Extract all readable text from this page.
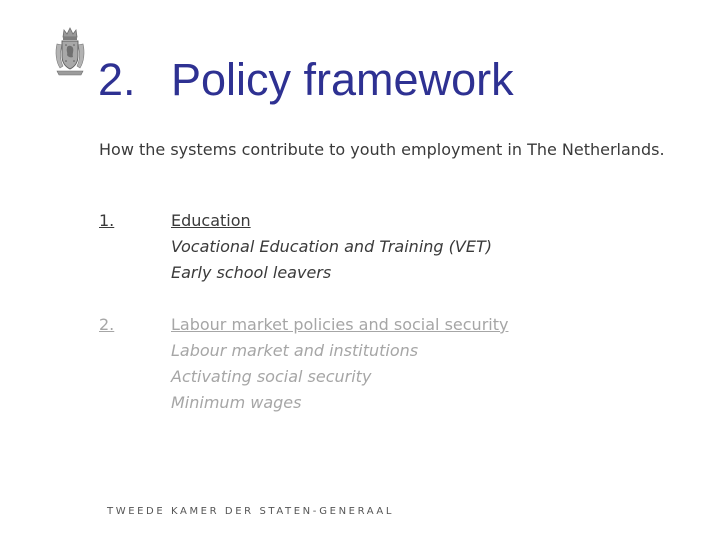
2. Policy framework

How the systems contribute to youth employment in The Netherlands.

1.	Education
Vocational Education and Training (VET)
Early school leavers
2.	Labour market policies and social security
Labour market and institutions
Activating social security
Minimum wages
TWEEDE KAMER DER STATEN-GENERAAL
